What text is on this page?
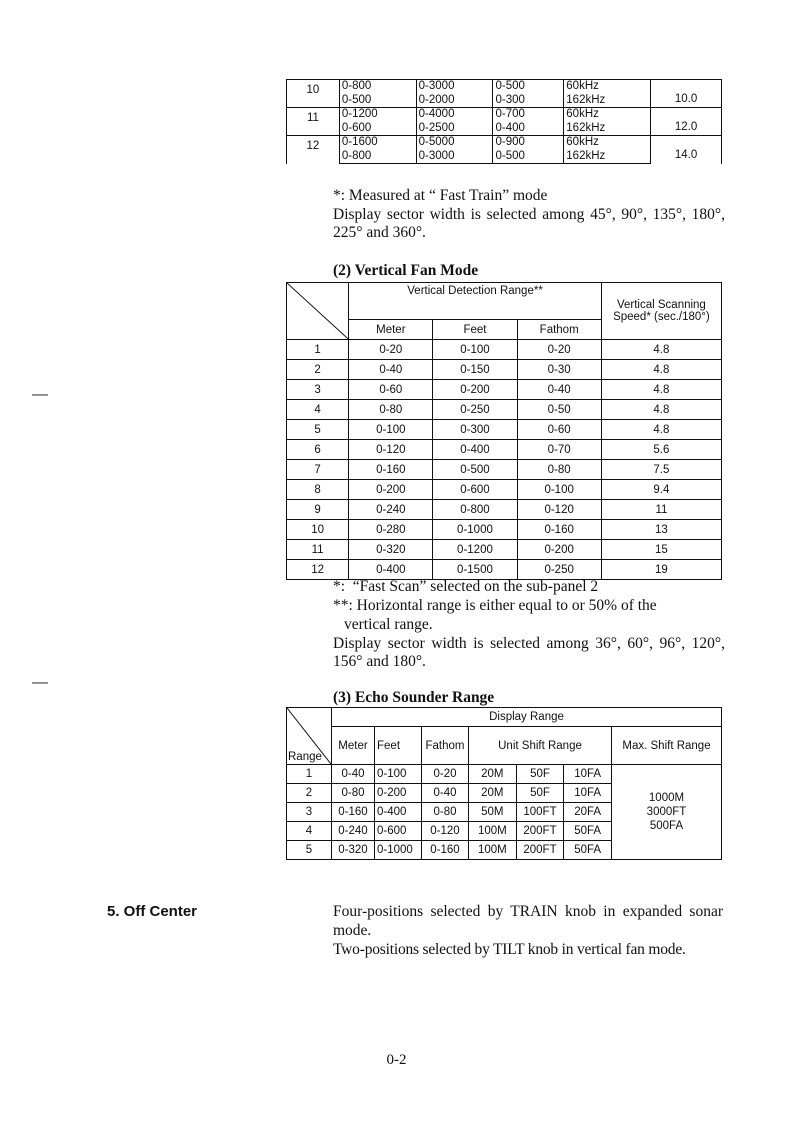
10	0-800	0-3000	0-500	60kHz	10.0
	0-500	0-2000	0-300	162kHz	
11	0-1200	0-4000	0-700	60kHz	12.0
	0-600	0-2500	0-400	162kHz	
12	0-1600	0-5000	0-900	60kHz	14.0
	0-800	0-3000	0-500	162kHz	
*: Measured at “ Fast Train” mode
Display sector width is selected among 45°, 90°, 135°, 180°, 225° and 360°.
(2) Vertical Fan Mode
	Vertical Detection Range**			Vertical Scanning Speed* (sec./180°)
	Meter	Feet	Fathom	
1	0-20	0-100	0-20	4.8
2	0-40	0-150	0-30	4.8
3	0-60	0-200	0-40	4.8
4	0-80	0-250	0-50	4.8
5	0-100	0-300	0-60	4.8
6	0-120	0-400	0-70	5.6
7	0-160	0-500	0-80	7.5
8	0-200	0-600	0-100	9.4
9	0-240	0-800	0-120	11
10	0-280	0-1000	0-160	13
11	0-320	0-1200	0-200	15
12	0-400	0-1500	0-250	19
*:  “Fast Scan” selected on the sub-panel 2
**: Horizontal range is either equal to or 50% of the
vertical range.
Display sector width is selected among 36°, 60°, 96°, 120°, 156° and 180°.
(3) Echo Sounder Range
Range	Display Range						
	Meter	Feet	Fathom	Unit Shift Range			Max. Shift Range
1	0-40	0-100	0-20	20M	50F	10FA	1000M
3000FT
500FA

2	0-80	0-200	0-40	20M	50F	10FA	
3	0-160	0-400	0-80	50M	100FT	20FA	
4	0-240	0-600	0-120	100M	200FT	50FA	
5	0-320	0-1000	0-160	100M	200FT	50FA	
5. Off Center	Four-positions selected by TRAIN knob in expanded sonar mode.
Two-positions selected by TILT knob in vertical fan mode.
0-2
—
―
